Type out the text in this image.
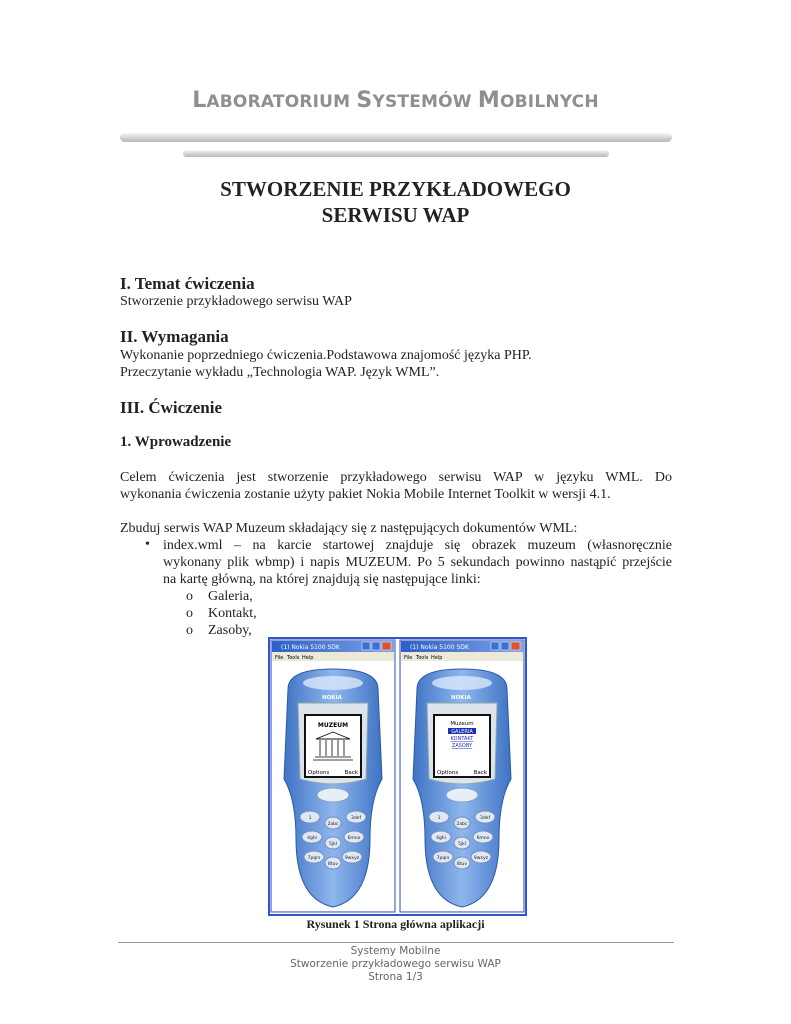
LABORATORIUM SYSTEMÓW MOBILNYCH
STWORZENIE PRZYKŁADOWEGO
SERWISU WAP
I. Temat ćwiczenia
Stworzenie przykładowego serwisu WAP
II. Wymagania
Wykonanie poprzedniego ćwiczenia.Podstawowa znajomość języka PHP.
Przeczytanie wykładu „Technologia WAP. Język WML”.
III. Ćwiczenie
1. Wprowadzenie
Celem ćwiczenia jest stworzenie przykładowego serwisu WAP w języku WML. Do
wykonania ćwiczenia zostanie użyty pakiet Nokia Mobile Internet Toolkit w wersji 4.1.
Zbuduj serwis WAP Muzeum składający się z następujących dokumentów WML:
• index.wml – na karcie startowej znajduje się obrazek muzeum (własnoręcznie
wykonany plik wbmp) i napis MUZEUM. Po 5 sekundach powinno nastąpić przejście
na kartę główną, na której znajdują się następujące linki:
o Galeria,
o Kontakt,
o Zasoby,
(1) Nokia 5100 SDK
File Tools Help
NOKIA
MUZEUM
Options	Back
1
2abc
3def
4ghi
5jkl
6mno
7pqrs
8tuv
9wxyz
(1) Nokia 5100 SDK
File Tools Help
NOKIA
Muzeum
GALERIA
KONTAKT
ZASOBY
Options	Back
1
2abc
3def
4ghi
5jkl
6mno
7pqrs
8tuv
9wxyz
Rysunek 1 Strona główna aplikacji
Systemy Mobilne
Stworzenie przykładowego serwisu WAP
Strona 1/3
